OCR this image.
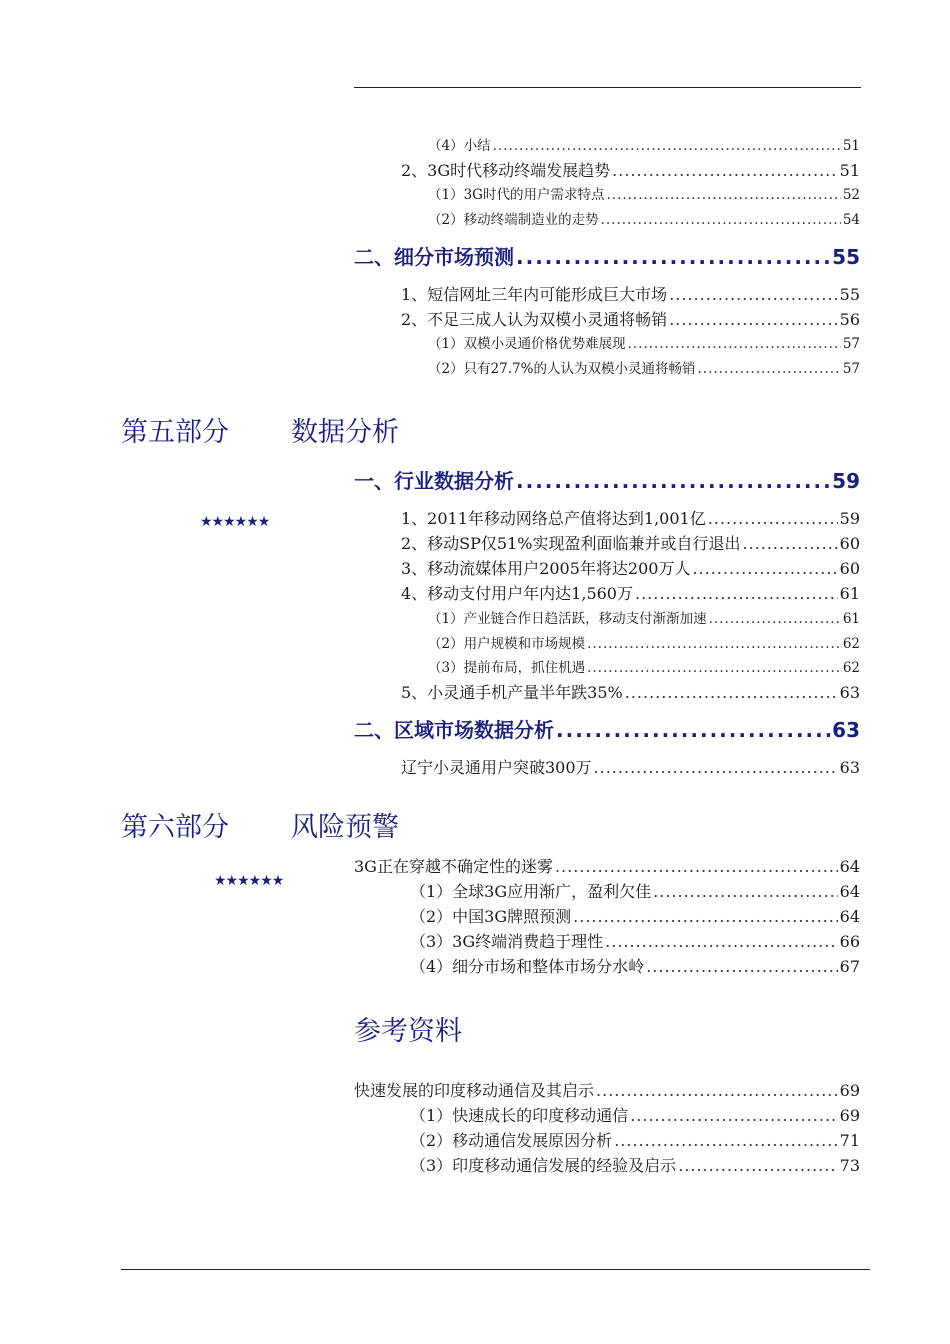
（4）小结 .....	51
2、3G时代移动终端发展趋势 .....	51
（1）3G时代的用户需求特点 .....	52
（2）移动终端制造业的走势 .....	54
二、细分市场预测 .....	55
1、短信网址三年内可能形成巨大市场 .....	55
2、不足三成人认为双模小灵通将畅销 .....	56
（1）双模小灵通价格优势难展现 .....	57
（2）只有27.7%的人认为双模小灵通将畅销 .....	57
第五部分 数据分析
一、行业数据分析 .....	59
★★★★★★	1、2011年移动网络总产值将达到1,001亿 .....	59
2、移动SP仅51%实现盈利面临兼并或自行退出 .....	60
3、移动流媒体用户2005年将达200万人 .....	60
4、移动支付用户年内达1,560万 .....	61
（1）产业链合作日趋活跃，移动支付渐渐加速 .....	61
（2）用户规模和市场规模 .....	62
（3）提前布局，抓住机遇 .....	62
5、小灵通手机产量半年跌35% .....	63
二、区域市场数据分析 .....	63
辽宁小灵通用户突破300万 .....	63
第六部分 风险预警
★★★★★★
3G正在穿越不确定性的迷雾 .....	64
（1）全球3G应用渐广，盈利欠佳 .....	64
（2）中国3G牌照预测 .....	64
（3）3G终端消费趋于理性 .....	66
（4）细分市场和整体市场分水岭 .....	67
参考资料
快速发展的印度移动通信及其启示 .....	69
（1）快速成长的印度移动通信 .....	69
（2）移动通信发展原因分析 .....	71
（3）印度移动通信发展的经验及启示 .....	73
